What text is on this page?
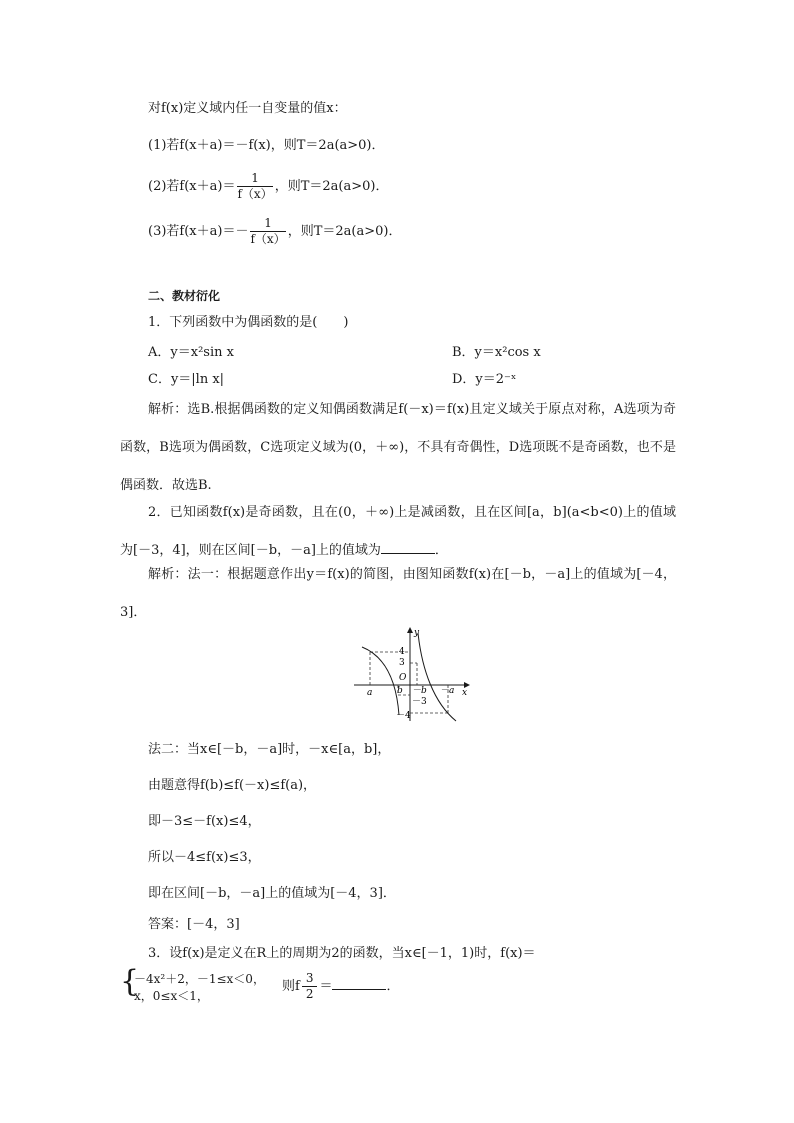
对f(x)定义域内任一自变量的值x：
(1)若f(x＋a)＝－f(x)，则T＝2a(a>0)．
(2)若$f(x+a)= \frac{1}{f(x)}$ ，则T＝2a(a>0)．
(3)若$f(x+a)=- \frac{1}{f(x)}$ ，则T＝2a(a>0)．
二、教材衍化
1．下列函数中为偶函数的是(　　)
A．y＝x²sin x	B．y＝x²cos x
C．y＝|ln x|	D．y＝2⁻ˣ
解析：选B.根据偶函数的定义知偶函数满足f(－x)＝f(x)且定义域关于原点对称，A选项为奇函数，B选项为偶函数，C选项定义域为(0，＋∞)，不具有奇偶性，D选项既不是奇函数，也不是偶函数．故选B.
2．已知函数f(x)是奇函数，且在(0，＋∞)上是减函数，且在区间[a，b](a<b<0)上的值域为[－3，4]，则在区间[－b，－a]上的值域为	．
解析：法一：根据题意作出y＝f(x)的简图，由图知函数f(x)在[－b，－a]上的值域为[－4，3]．
y
x
4
3
O
a	b －b －a
－3
－4
法二：当x∈[－b，－a]时，－x∈[a，b]，
由题意得f(b)≤f(－x)≤f(a)，
即－3≤－f(x)≤4，
所以－4≤f(x)≤3，
即在区间[－b，－a]上的值域为[－4，3]．
答案：[－4，3]
3．设f(x)是定义在R上的周期为2的函数，当x∈[－1，1)时，f(x)＝
{
－4x²＋2，－1≤x＜0，
x，0≤x＜1，
则f $\frac{3}{2}$ ＝	．
